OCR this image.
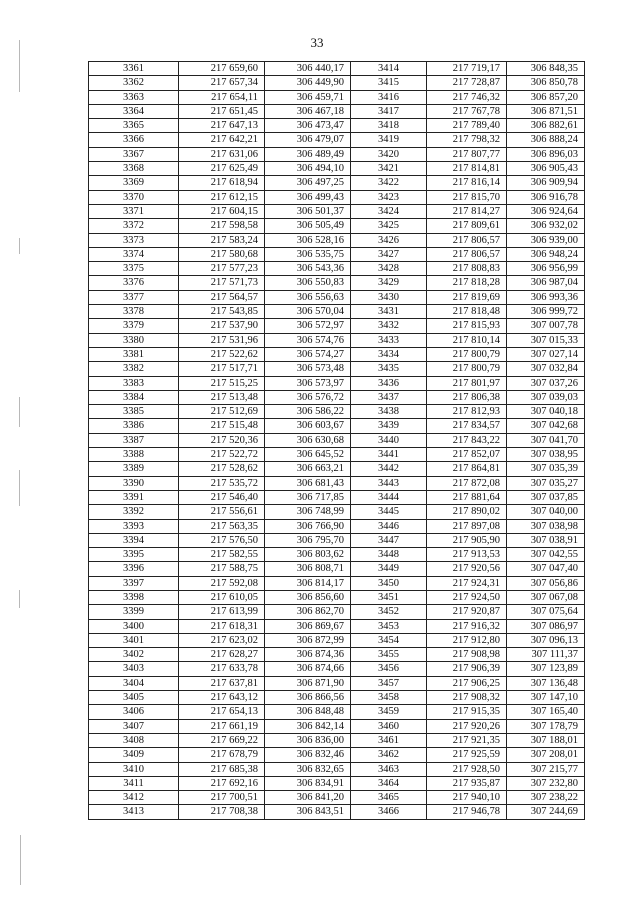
33
3361	217 659,60	306 440,17	3414	217 719,17	306 848,35
3362	217 657,34	306 449,90	3415	217 728,87	306 850,78
3363	217 654,11	306 459,71	3416	217 746,32	306 857,20
3364	217 651,45	306 467,18	3417	217 767,78	306 871,51
3365	217 647,13	306 473,47	3418	217 789,40	306 882,61
3366	217 642,21	306 479,07	3419	217 798,32	306 888,24
3367	217 631,06	306 489,49	3420	217 807,77	306 896,03
3368	217 625,49	306 494,10	3421	217 814,81	306 905,43
3369	217 618,94	306 497,25	3422	217 816,14	306 909,94
3370	217 612,15	306 499,43	3423	217 815,70	306 916,78
3371	217 604,15	306 501,37	3424	217 814,27	306 924,64
3372	217 598,58	306 505,49	3425	217 809,61	306 932,02
3373	217 583,24	306 528,16	3426	217 806,57	306 939,00
3374	217 580,68	306 535,75	3427	217 806,57	306 948,24
3375	217 577,23	306 543,36	3428	217 808,83	306 956,99
3376	217 571,73	306 550,83	3429	217 818,28	306 987,04
3377	217 564,57	306 556,63	3430	217 819,69	306 993,36
3378	217 543,85	306 570,04	3431	217 818,48	306 999,72
3379	217 537,90	306 572,97	3432	217 815,93	307 007,78
3380	217 531,96	306 574,76	3433	217 810,14	307 015,33
3381	217 522,62	306 574,27	3434	217 800,79	307 027,14
3382	217 517,71	306 573,48	3435	217 800,79	307 032,84
3383	217 515,25	306 573,97	3436	217 801,97	307 037,26
3384	217 513,48	306 576,72	3437	217 806,38	307 039,03
3385	217 512,69	306 586,22	3438	217 812,93	307 040,18
3386	217 515,48	306 603,67	3439	217 834,57	307 042,68
3387	217 520,36	306 630,68	3440	217 843,22	307 041,70
3388	217 522,72	306 645,52	3441	217 852,07	307 038,95
3389	217 528,62	306 663,21	3442	217 864,81	307 035,39
3390	217 535,72	306 681,43	3443	217 872,08	307 035,27
3391	217 546,40	306 717,85	3444	217 881,64	307 037,85
3392	217 556,61	306 748,99	3445	217 890,02	307 040,00
3393	217 563,35	306 766,90	3446	217 897,08	307 038,98
3394	217 576,50	306 795,70	3447	217 905,90	307 038,91
3395	217 582,55	306 803,62	3448	217 913,53	307 042,55
3396	217 588,75	306 808,71	3449	217 920,56	307 047,40
3397	217 592,08	306 814,17	3450	217 924,31	307 056,86
3398	217 610,05	306 856,60	3451	217 924,50	307 067,08
3399	217 613,99	306 862,70	3452	217 920,87	307 075,64
3400	217 618,31	306 869,67	3453	217 916,32	307 086,97
3401	217 623,02	306 872,99	3454	217 912,80	307 096,13
3402	217 628,27	306 874,36	3455	217 908,98	307 111,37
3403	217 633,78	306 874,66	3456	217 906,39	307 123,89
3404	217 637,81	306 871,90	3457	217 906,25	307 136,48
3405	217 643,12	306 866,56	3458	217 908,32	307 147,10
3406	217 654,13	306 848,48	3459	217 915,35	307 165,40
3407	217 661,19	306 842,14	3460	217 920,26	307 178,79
3408	217 669,22	306 836,00	3461	217 921,35	307 188,01
3409	217 678,79	306 832,46	3462	217 925,59	307 208,01
3410	217 685,38	306 832,65	3463	217 928,50	307 215,77
3411	217 692,16	306 834,91	3464	217 935,87	307 232,80
3412	217 700,51	306 841,20	3465	217 940,10	307 238,22
3413	217 708,38	306 843,51	3466	217 946,78	307 244,69
